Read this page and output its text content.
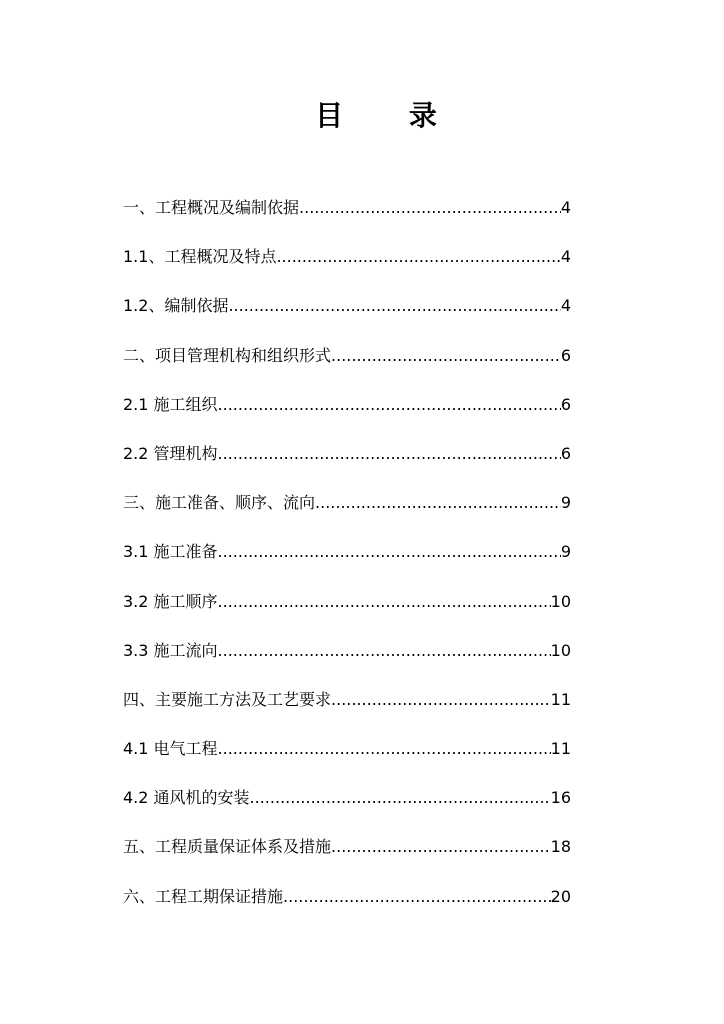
目 录
一、工程概况及编制依据 .....	4
1.1、工程概况及特点 .....	4
1.2、编制依据 .....	4
二、项目管理机构和组织形式 .....	6
2.1 施工组织 .....	6
2.2 管理机构 .....	6
三、施工准备、顺序、流向 .....	9
3.1 施工准备 .....	9
3.2 施工顺序 .....	10
3.3 施工流向 .....	10
四、主要施工方法及工艺要求 .....	11
4.1 电气工程 .....	11
4.2 通风机的安装 .....	16
五、工程质量保证体系及措施 .....	18
六、工程工期保证措施 .....	20
